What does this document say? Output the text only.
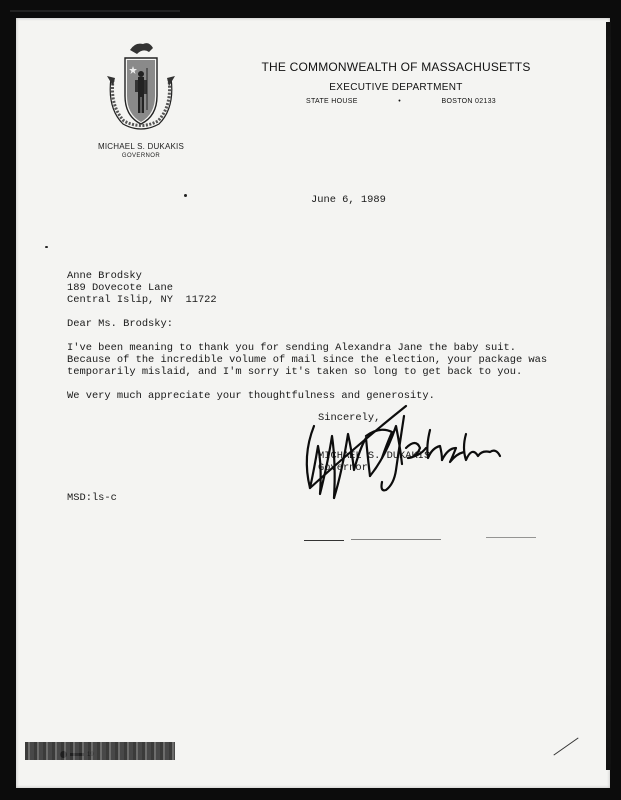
MICHAEL S. DUKAKIS
GOVERNOR
THE COMMONWEALTH OF MASSACHUSETTS
EXECUTIVE DEPARTMENT
STATE HOUSE	•	BOSTON 02133
June 6, 1989
Anne Brodsky
189 Dovecote Lane
Central Islip, NY  11722
Dear Ms. Brodsky:
I've been meaning to thank you for sending Alexandra Jane the baby suit.
Because of the incredible volume of mail since the election, your package was
temporarily mislaid, and I'm sorry it's taken so long to get back to you.
We very much appreciate your thoughtfulness and generosity.
Sincerely,
MICHAEL S. DUKAKIS
Governor
MSD:ls-c
